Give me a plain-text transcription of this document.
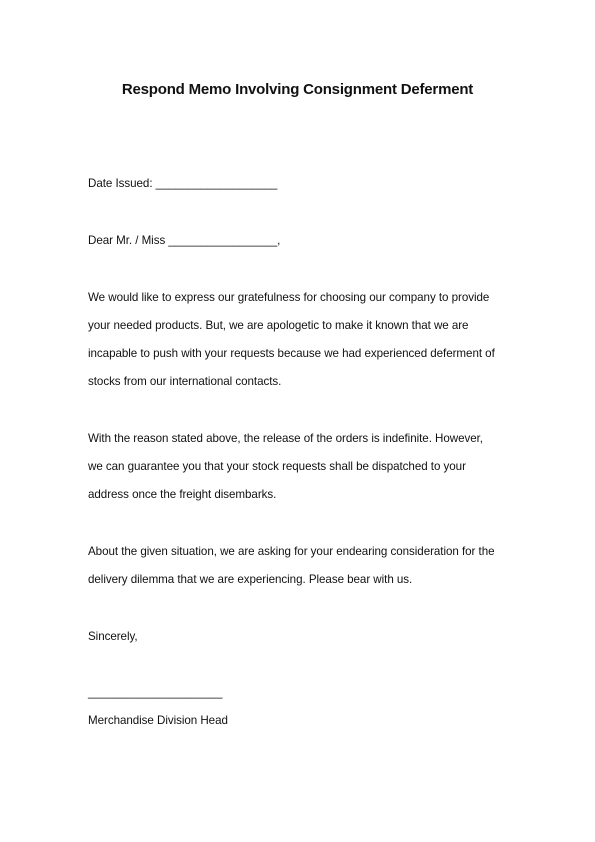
Respond Memo Involving Consignment Deferment

Date Issued: ___________________

Dear Mr. / Miss _________________,

We would like to express our gratefulness for choosing our company to provide

your needed products. But, we are apologetic to make it known that we are

incapable to push with your requests because we had experienced deferment of

stocks from our international contacts.

With the reason stated above, the release of the orders is indefinite. However,

we can guarantee you that your stock requests shall be dispatched to your

address once the freight disembarks.

About the given situation, we are asking for your endearing consideration for the

delivery dilemma that we are experiencing. Please bear with us.

Sincerely,

_____________________

Merchandise Division Head
